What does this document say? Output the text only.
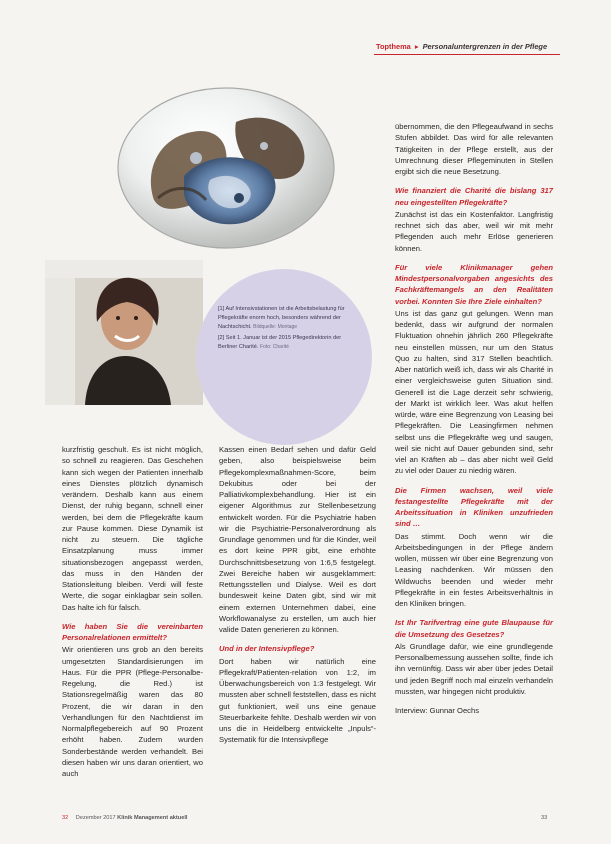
Topthema ▸ Personaluntergrenzen in der Pflege

[1] Auf Intensivstationen ist die Arbeitsbelastung für Pflegekräfte enorm hoch, besonders während der Nachtschicht. Bildquelle: Montage

[2] Seit 1. Januar ist der 2015 Pflegedirektorin der Berliner Charité. Foto: Charité

kurzfristig geschult. Es ist nicht möglich, so schnell zu reagieren. Das Geschehen kann sich wegen der Patienten innerhalb eines Dienstes plötzlich dynamisch verändern. Deshalb kann aus einem Dienst, der ruhig begann, schnell einer werden, bei dem die Pflegekräfte kaum zur Pause kommen. Diese Dynamik ist nicht zu steuern. Die tägliche Einsatzplanung muss immer situationsbezogen angepasst werden, das muss in den Händen der Stationsleitung bleiben. Verdi will feste Werte, die sogar einklagbar sein sollen. Das halte ich für falsch.

Wie haben Sie die vereinbarten Personalrelationen ermittelt?

Wir orientieren uns grob an den bereits umgesetzten Standardisierungen im Haus. Für die PPR (Pflege-Personalbe-Regelung, die Red.) ist Stationsregelmäßig waren das 80 Prozent, die wir daran in den Verhandlungen für den Nachtdienst im Normalpflegebereich auf 90 Prozent erhöht haben. Zudem wurden Sonderbestände werden verhandelt. Bei diesen haben wir uns daran orientiert, wo auch

Kassen einen Bedarf sehen und dafür Geld geben, also beispielsweise beim Pflegekomplexmaßnahmen-Score, beim Dekubitus oder bei der Palliativkomplexbehandlung. Hier ist ein eigener Algorithmus zur Stellenbesetzung entwickelt worden. Für die Psychiatrie haben wir die Psychiatrie-Personalverordnung als Grundlage genommen und für die Kinder, weil es dort keine PPR gibt, eine erhöhte Durchschnittsbesetzung von 1:6,5 festgelegt. Zwei Bereiche haben wir ausgeklammert: Rettungsstellen und Dialyse. Weil es dort bundesweit keine Daten gibt, sind wir mit einem externen Unternehmen dabei, eine Workflowanalyse zu erstellen, um auch hier valide Daten generieren zu können.

Und in der Intensivpflege?

Dort haben wir natürlich eine Pflegekraft/Patienten-relation von 1:2, im Überwachungsbereich von 1:3 festgelegt. Wir mussten aber schnell feststellen, dass es nicht gut funktioniert, weil uns eine genaue Steuerbarkeite fehlte. Deshalb werden wir von uns die in Heidelberg entwickelte „Inpuls“-Systematik für die Intensivpflege

übernommen, die den Pflegeaufwand in sechs Stufen abbildet. Das wird für alle relevanten Tätigkeiten in der Pflege erstellt, aus der Umrechnung dieser Pflegeminuten in Stellen ergibt sich die neue Besetzung.

Wie finanziert die Charité die bislang 317 neu eingestellten Pflegekräfte?

Zunächst ist das ein Kostenfaktor. Langfristig rechnet sich das aber, weil wir mit mehr Pflegenden auch mehr Erlöse generieren können.

Für viele Klinikmanager gehen Mindestpersonalvorgaben angesichts des Fachkräftemangels an den Realitäten vorbei. Konnten Sie Ihre Ziele einhalten?

Uns ist das ganz gut gelungen. Wenn man bedenkt, dass wir aufgrund der normalen Fluktuation ohnehin jährlich 260 Pflegekräfte neu einstellen müssen, nur um den Status Quo zu halten, sind 317 Stellen beachtlich. Aber natürlich weiß ich, dass wir als Charité in einer vergleichsweise guten Situation sind. Generell ist die Lage derzeit sehr schwierig, der Markt ist wirklich leer. Was akut helfen würde, wäre eine Begrenzung von Leasing bei Pflegekräften. Die Leasingfirmen nehmen selbst uns die Pflegekräfte weg und saugen, weil sie nicht auf Dauer gebunden sind, sehr viel an Kräften ab – das aber nicht weil Geld zu viel oder Dauer zu niedrig wären.

Die Firmen wachsen, weil viele festangestellte Pflegekräfte mit der Arbeitssituation in Kliniken unzufrieden sind …

Das stimmt. Doch wenn wir die Arbeitsbedingungen in der Pflege ändern wollen, müssen wir über eine Begrenzung von Leasing nachdenken. Wir müssen den Wildwuchs beenden und wieder mehr Pflegekräfte in ein festes Arbeitsverhältnis in den Kliniken bringen.

Ist Ihr Tarifvertrag eine gute Blaupause für die Umsetzung des Gesetzes?

Als Grundlage dafür, wie eine grundlegende Personalbemessung aussehen sollte, finde ich ihn vernünftig. Dass wir aber über jedes Detail und jeden Begriff noch mal einzeln verhandeln mussten, war hingegen nicht produktiv.

Interview: Gunnar Oechs

32 Dezember 2017 Klinik Management aktuell	33
